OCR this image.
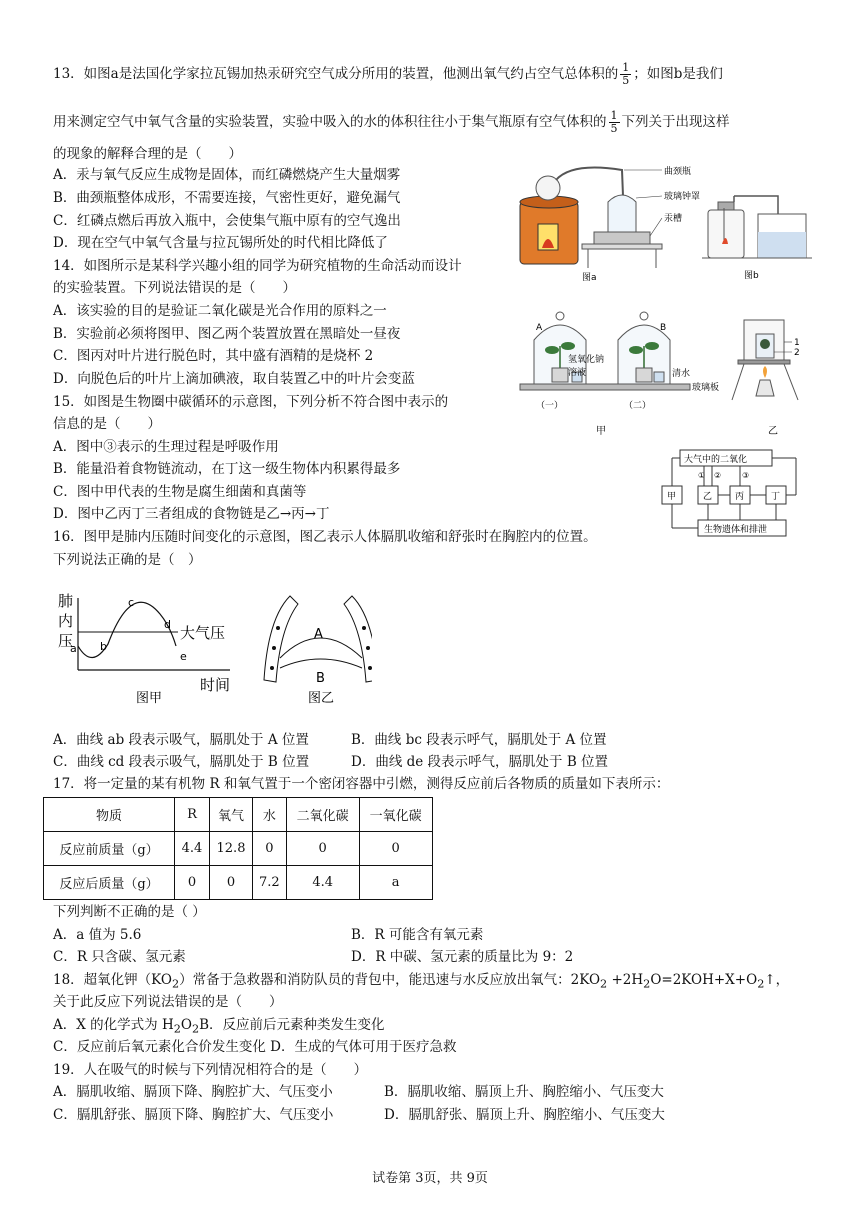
13．如图a是法国化学家拉瓦锡加热汞研究空气成分所用的装置，他测出氧气约占空气总体积的 $\frac{1}{5}$ ；如图b是我们
用来测定空气中氧气含量的实验装置，实验中吸入的水的体积往往小于集气瓶原有空气体积的 $\frac{1}{5}$ 下列关于出现这样
的现象的解释合理的是（　　）
A．汞与氧气反应生成物是固体，而红磷燃烧产生大量烟雾
B．曲颈瓶整体成形，不需要连接，气密性更好，避免漏气
C．红磷点燃后再放入瓶中，会使集气瓶中原有的空气逸出
D．现在空气中氧气含量与拉瓦锡所处的时代相比降低了
曲颈瓶
玻璃钟罩
汞槽
图a	图b
14．如图所示是某科学兴趣小组的同学为研究植物的生命活动而设计
的实验装置。下列说法错误的是（　　）
A．该实验的目的是验证二氧化碳是光合作用的原料之一
B．实验前必须将图甲、图乙两个装置放置在黑暗处一昼夜
C．图丙对叶片进行脱色时，其中盛有酒精的是烧杯 2
D．向脱色后的叶片上滴加碘液，取自装置乙中的叶片会变蓝
A	B
氢氧化钠
溶液	清水
玻璃板
（一）	（二）
甲
1
2
乙
15．如图是生物圈中碳循环的示意图，下列分析不符合图中表示的
信息的是（　　）
A．图中③表示的生理过程是呼吸作用
B．能量沿着食物链流动，在丁这一级生物体内积累得最多
C．图中甲代表的生物是腐生细菌和真菌等
D．图中乙丙丁三者组成的食物链是乙→丙→丁
大气中的二氧化
甲	乙	丙	丁
生物遗体和排泄
① ②	③
16．图甲是肺内压随时间变化的示意图，图乙表示人体膈肌收缩和舒张时在胸腔内的位置。
下列说法正确的是（　）
肺
内
压	大气压
时间
a b
c
d
e
图甲
A
B
图乙
A．曲线 ab 段表示吸气，膈肌处于 A 位置	B．曲线 bc 段表示呼气，膈肌处于 A 位置
C．曲线 cd 段表示吸气，膈肌处于 B 位置	D．曲线 de 段表示呼气，膈肌处于 B 位置
17．将一定量的某有机物 R 和氧气置于一个密闭容器中引燃，测得反应前后各物质的质量如下表所示：
物质	R	氧气	水	二氧化碳	一氧化碳
反应前质量（g）	4.4	12.8	0	0	0
反应后质量（g）	0	0	7.2	4.4	a
下列判断不正确的是（ ）
A．a 值为 5.6	B．R 可能含有氧元素
C．R 只含碳、氢元素	D．R 中碳、氢元素的质量比为 9：2
18．超氧化钾$(KO_2)$常备于急救器和消防队员的背包中，能迅速与水反应放出氧气：$2KO_2$ $+2H_2O=2KOH+X+O_2↑$，
关于此反应下列说法错误的是（　　）
A．X 的化学式为 $H_2O_2B$．反应前后元素种类发生变化
C．反应前后氧元素化合价发生变化 D．生成的气体可用于医疗急救
19．人在吸气的时候与下列情况相符合的是（　　）
A．膈肌收缩、膈顶下降、胸腔扩大、气压变小	B．膈肌收缩、膈顶上升、胸腔缩小、气压变大
C．膈肌舒张、膈顶下降、胸腔扩大、气压变小	D．膈肌舒张、膈顶上升、胸腔缩小、气压变大
试卷第 3页，共 9页
